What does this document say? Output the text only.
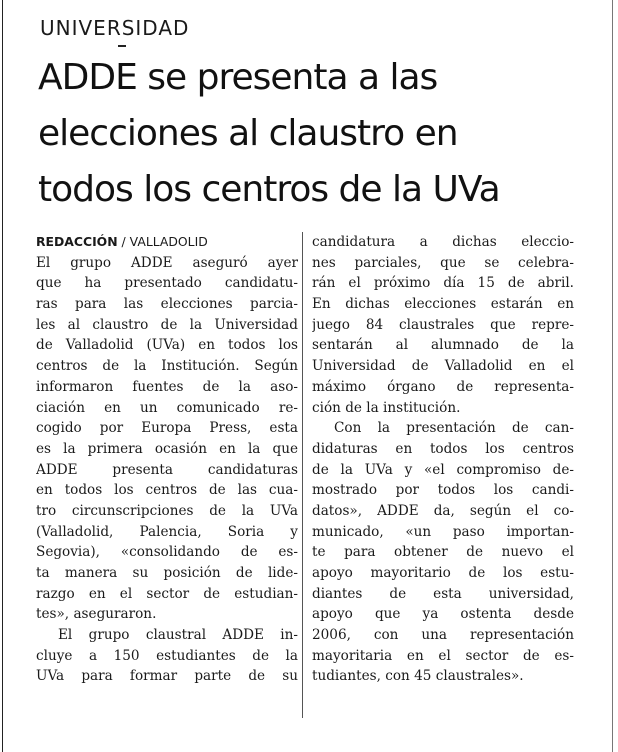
UNIVERSIDAD
ADDE se presenta a las
elecciones al claustro en
todos los centros de la UVa
REDACCIÓN / VALLADOLID
El grupo ADDE aseguró ayer
que ha presentado candidatu-
ras para las elecciones parcia-
les al claustro de la Universidad
de Valladolid (UVa) en todos los
centros de la Institución. Según
informaron fuentes de la aso-
ciación en un comunicado re-
cogido por Europa Press, esta
es la primera ocasión en la que
ADDE presenta candidaturas
en todos los centros de las cua-
tro circunscripciones de la UVa
(Valladolid, Palencia, Soria y
Segovia), «consolidando de es-
ta manera su posición de lide-
razgo en el sector de estudian-
tes», aseguraron.
El grupo claustral ADDE in-
cluye a 150 estudiantes de la
UVa para formar parte de su
candidatura a dichas eleccio-
nes parciales, que se celebra-
rán el próximo día 15 de abril.
En dichas elecciones estarán en
juego 84 claustrales que repre-
sentarán al alumnado de la
Universidad de Valladolid en el
máximo órgano de representa-
ción de la institución.
Con la presentación de can-
didaturas en todos los centros
de la UVa y «el compromiso de-
mostrado por todos los candi-
datos», ADDE da, según el co-
municado, «un paso importan-
te para obtener de nuevo el
apoyo mayoritario de los estu-
diantes de esta universidad,
apoyo que ya ostenta desde
2006, con una representación
mayoritaria en el sector de es-
tudiantes, con 45 claustrales».
